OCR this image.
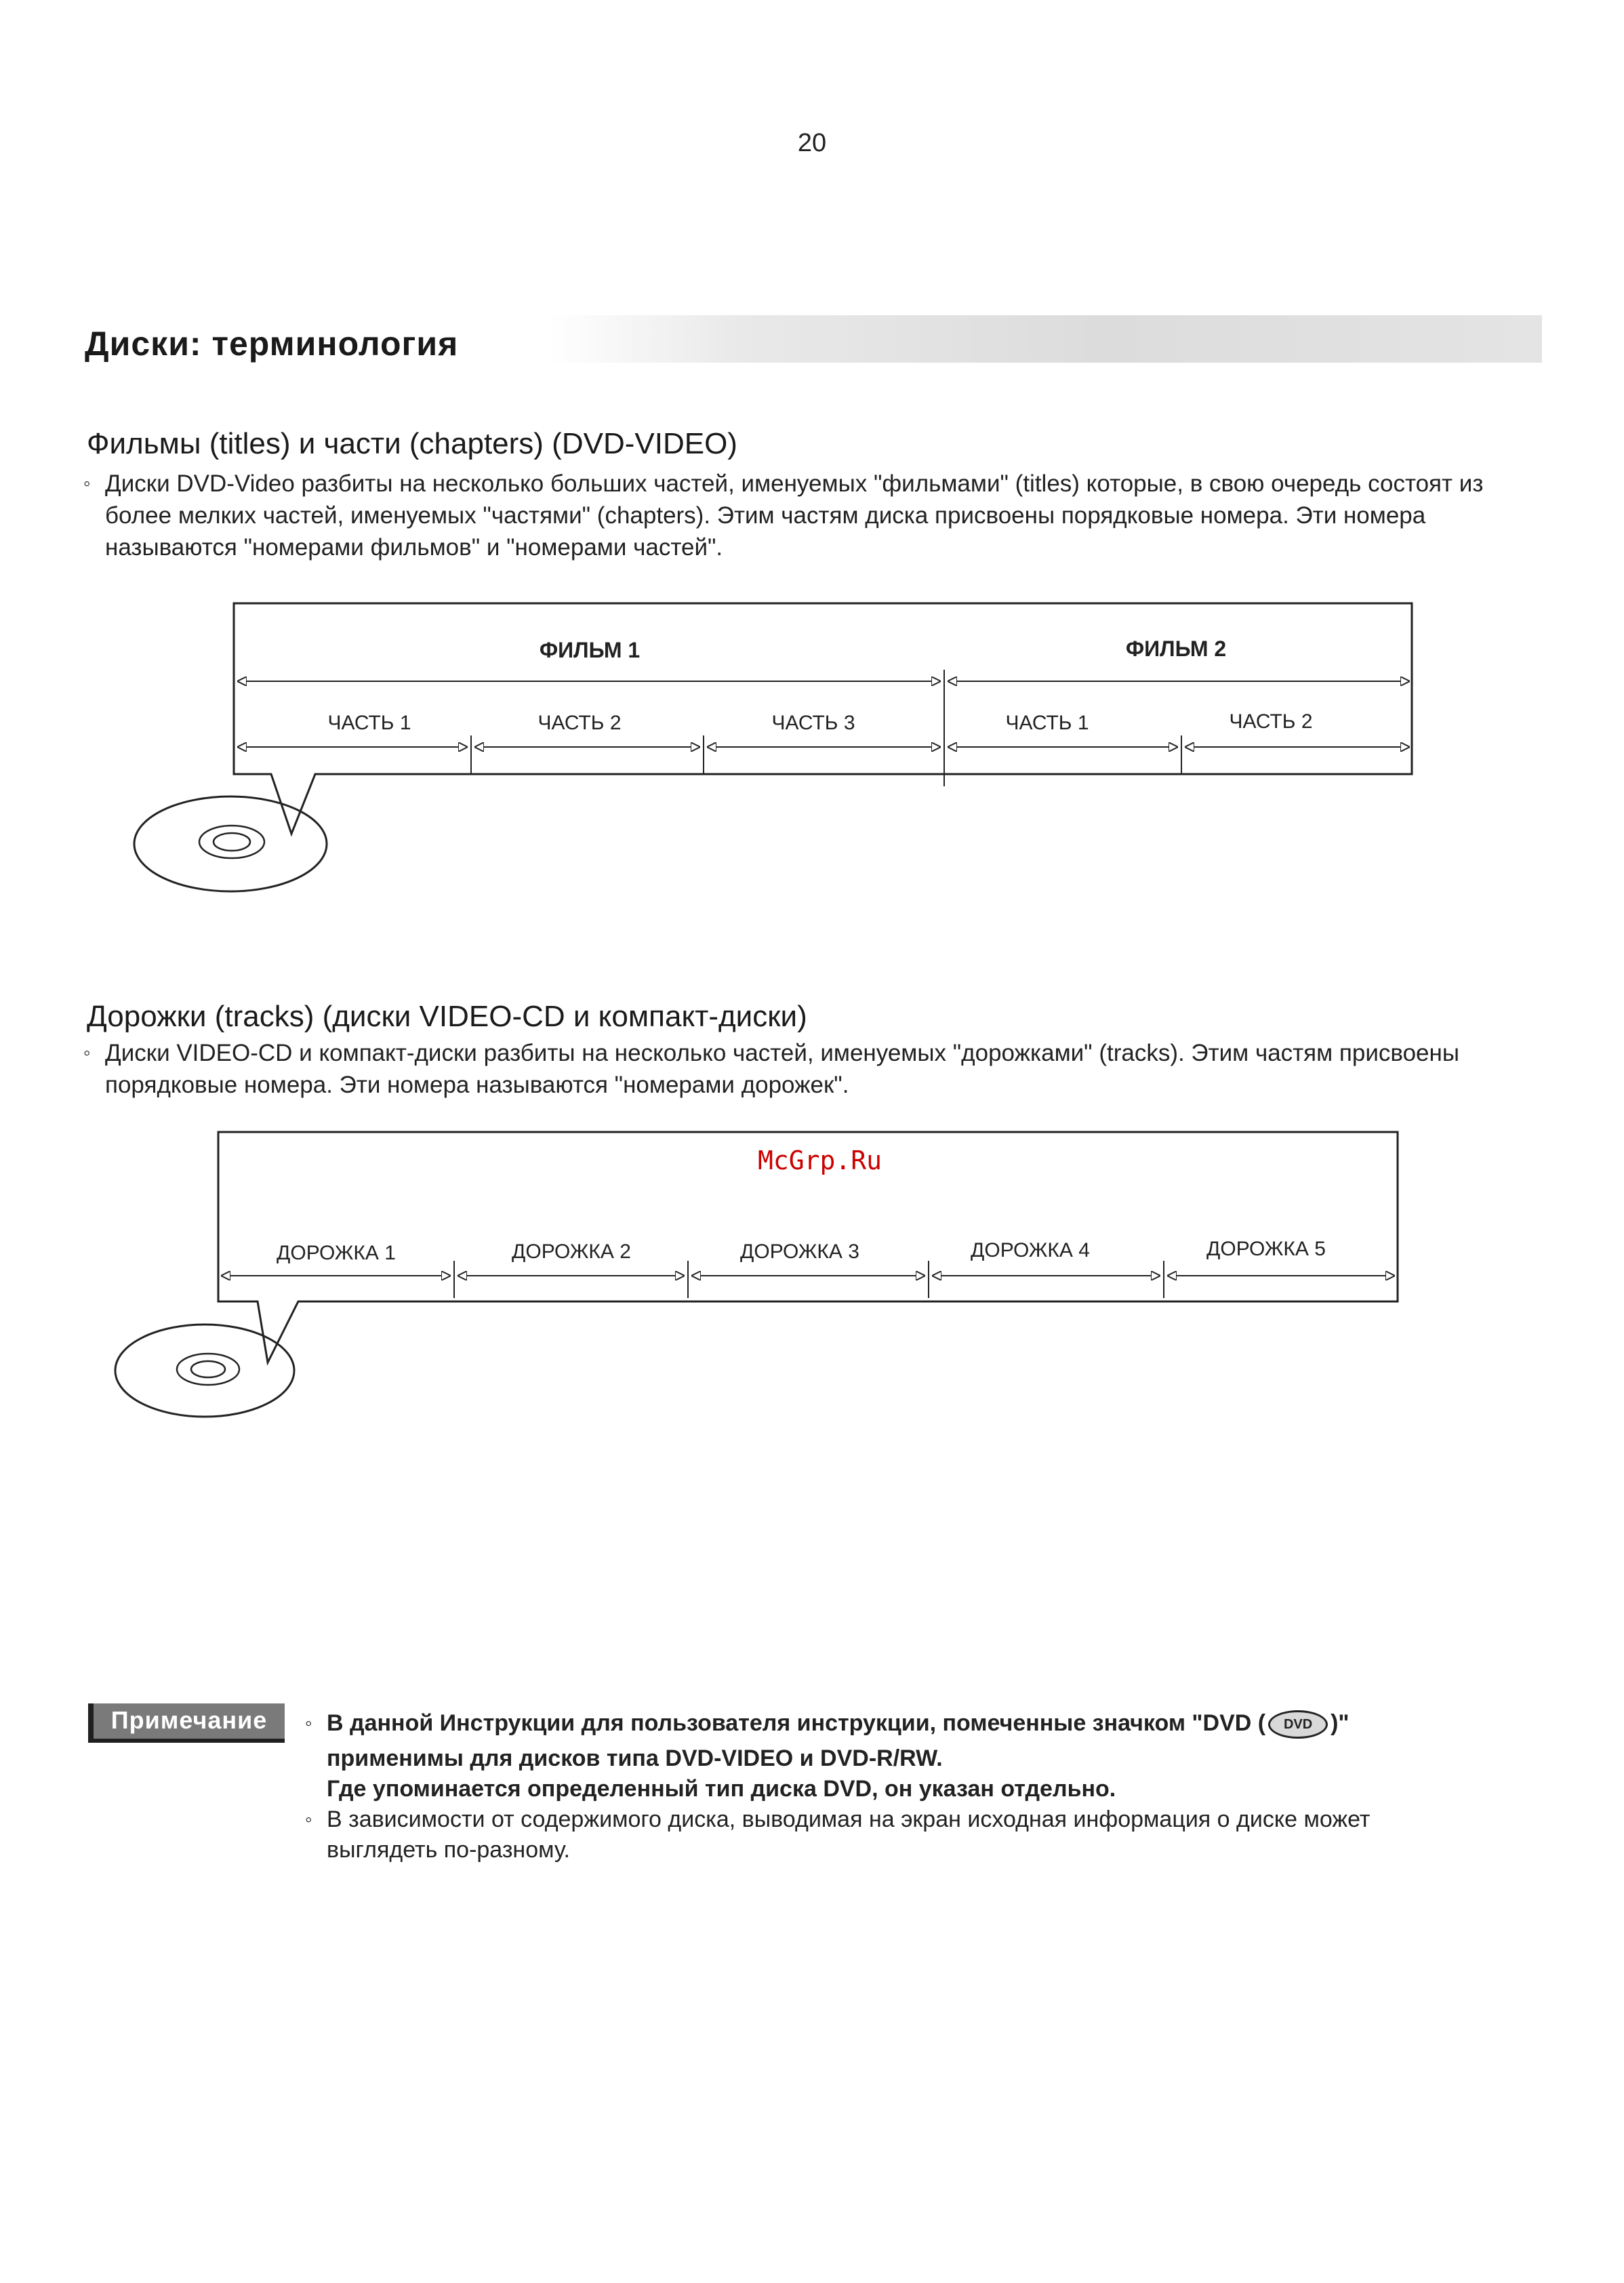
20
Диски: терминология
Фильмы (titles) и части (chapters) (DVD-VIDEO)
◦ Диски DVD-Video разбиты на несколько больших частей, именуемых "фильмами" (titles) которые, в свою очередь состоят из более мелких частей, именуемых "частями" (chapters). Этим частям диска присвоены порядковые номера. Эти номера называются "номерами фильмов" и "номерами частей".
ФИЛЬМ 1	ФИЛЬМ 2
ЧАСТЬ 1	ЧАСТЬ 2	ЧАСТЬ 3	ЧАСТЬ 1	ЧАСТЬ 2
Дорожки (tracks) (диски VIDEO-CD и компакт-диски)
◦ Диски VIDEO-CD и компакт-диски разбиты на несколько частей, именуемых "дорожками" (tracks). Этим частям присвоены порядковые номера. Эти номера называются "номерами дорожек".
McGrp.Ru
ДОРОЖКА 1	ДОРОЖКА 2	ДОРОЖКА 3	ДОРОЖКА 4	ДОРОЖКА 5
Примечание	◦ В данной Инструкции для пользователя инструкции, помеченные значком "DVD ( DVD )"
применимы для дисков типа DVD-VIDEO и DVD-R/RW.
Где упоминается определенный тип диска DVD, он указан отдельно.
◦ В зависимости от содержимого диска, выводимая на экран исходная информация о диске может выглядеть по-разному.
